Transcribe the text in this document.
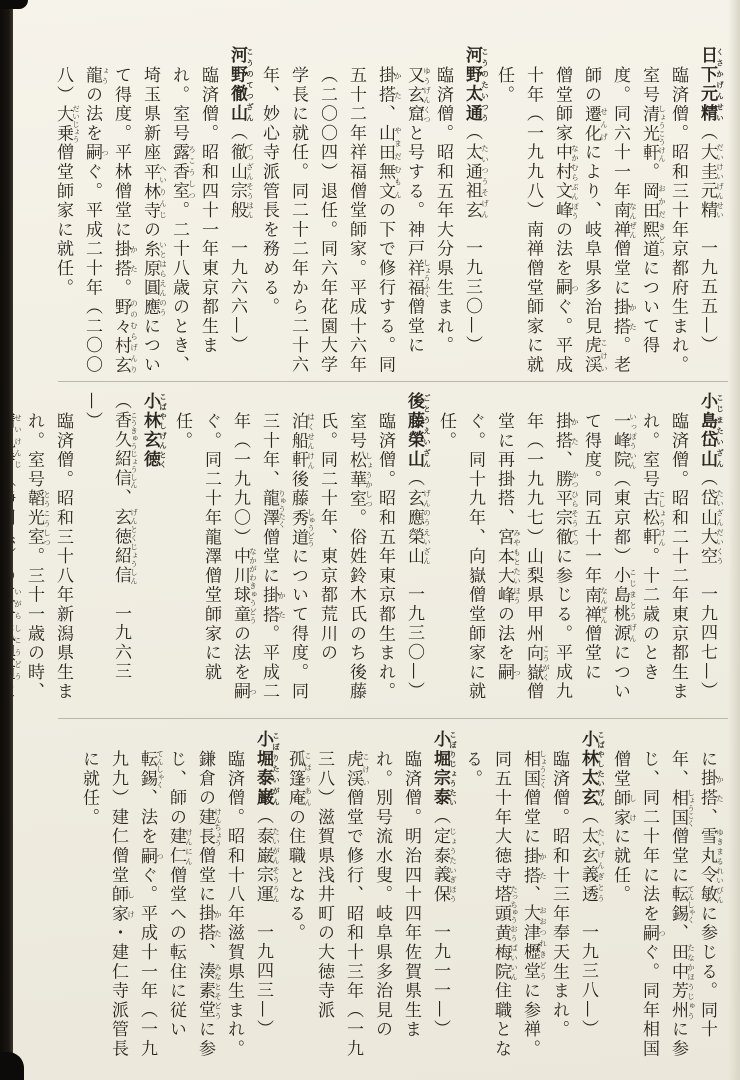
日下元精くさかげんせい（大圭元精だいけいげんせい　一九五五—）
臨済僧。昭和三十年京都府生まれ。室号清光軒しょうこうけん。岡田熙道おかだきどうについて得度。同六十一年南禅なんぜん僧堂に掛搭かた。老師の遷化せんげにより、岐阜県多治見虎渓こけい僧堂師家中村文峰なかむらぶんぽうの法を嗣つぐ。平成十年（一九九八）南禅僧堂師家に就任。
河野太通こうのたいつう（太通祖玄たいつうそげん　一九三〇—）
臨済僧。昭和五年大分県生まれ。又玄窟ゆうげんくつと号する。神戸祥福しょうふく僧堂に掛搭かた、山田無文やまだむもんの下で修行する。同五十二年祥福僧堂師家。平成十六年（二〇〇四）退任。同六年花園大学学長に就任。同二十二年から二十六年、妙心寺派管長を務める。
河野徹山こうのてつざん（徹山宗般てつざんそうはん　一九六六—）
臨済僧。昭和四十一年東京都生まれ。室号露香室ろこうしつ。二十八歳のとき、埼玉県新座平林寺へいりんじの糸原圓應いとはらえんのうについて得度。平林僧堂に掛搭かた。野々村玄龍ののむらげんりょうの法を嗣つぐ。平成二十年（二〇〇八）大乗だいじょう僧堂師家に就任。
小島岱山こじまたいざん（岱山大空たいざんだいくう　一九四七—）
臨済僧。昭和二十二年東京都生まれ。室号古松軒こしょうけん。十二歳のとき一峰院いっぽういん（東京都）小島桃源こじまとうげんについて得度。同五十一年南禅なんぜん僧堂に掛搭かた、勝平宗徹かつひらそうてつに参じる。平成九年（一九九七）山梨県甲州向嶽こうがく僧堂に再掛搭、宮本大峰みやもとたいほうの法を嗣つぐ。同十九年、向嶽僧堂師家に就任。
後藤榮山ごとうえいざん（玄應榮山げんのうえいざん　一九三〇—）
臨済僧。昭和五年東京都生まれ。室号松華室しょうかしつ。俗姓鈴木氏のち後藤氏。同二十年、東京都荒川の泊船軒はくせんけん後藤秀道しゅうどうについて得度。同三十年、龍澤りゅうたく僧堂に掛搭かた。平成二年（一九九〇）中川球童なかがわきゅうどうの法を嗣つぐ。同二十年龍澤僧堂師家に就任。
小林玄徳こばやしげんとく
（香久紹信こうきゅうじょうしん、玄徳紹信げんとくじょうしん　一九六三—）
臨済僧。昭和三十八年新潟県生まれ。室号韜光室とうこうしつ。三十一歳の時、せいけんじいがらしこうどう
に掛搭かた、雪丸令敏ゆきまるれいびんに参じる。同十年、相国しょうこく僧堂に転錫てんしゃく、田中芳州たなかほうじゅうに参じ、同二十年に法を嗣つぐ。同年相国僧堂師家しけに就任。
小林太玄こばやしたいげん（太玄義透たいげんぎとう　一九三八—）
臨済僧。昭和十三年奉天生まれ。相国しょうこく僧堂に掛搭かた、大津櫪堂おおつれきどうに参禅。同五十年大徳寺塔頭たっちゅう黄梅院おうばいいん住職となる。
小堀宗泰こぼりじょうたい（定泰義保じょうたいぎほう　一九一一—）
臨済僧。明治四十四年佐賀県生まれ。別号流水叟。岐阜県多治見の虎渓こけい僧堂で修行、昭和十三年（一九三八）滋賀県浅井町の大徳寺派孤篷庵こほうあんの住職となる。
小堀泰巌こぼりたいがん（泰巌宗運たいがんそううん　一九四三—）
臨済僧。昭和十八年滋賀県生まれ。鎌倉の建長けんちょう僧堂に掛搭かた、湊素堂みなとそどうに参じ、師の建仁けんにん僧堂への転住に従い転錫てんしゃく、法を嗣つぐ。平成十一年（一九九九）建仁僧堂師家しけ・建仁寺派管長に就任。
